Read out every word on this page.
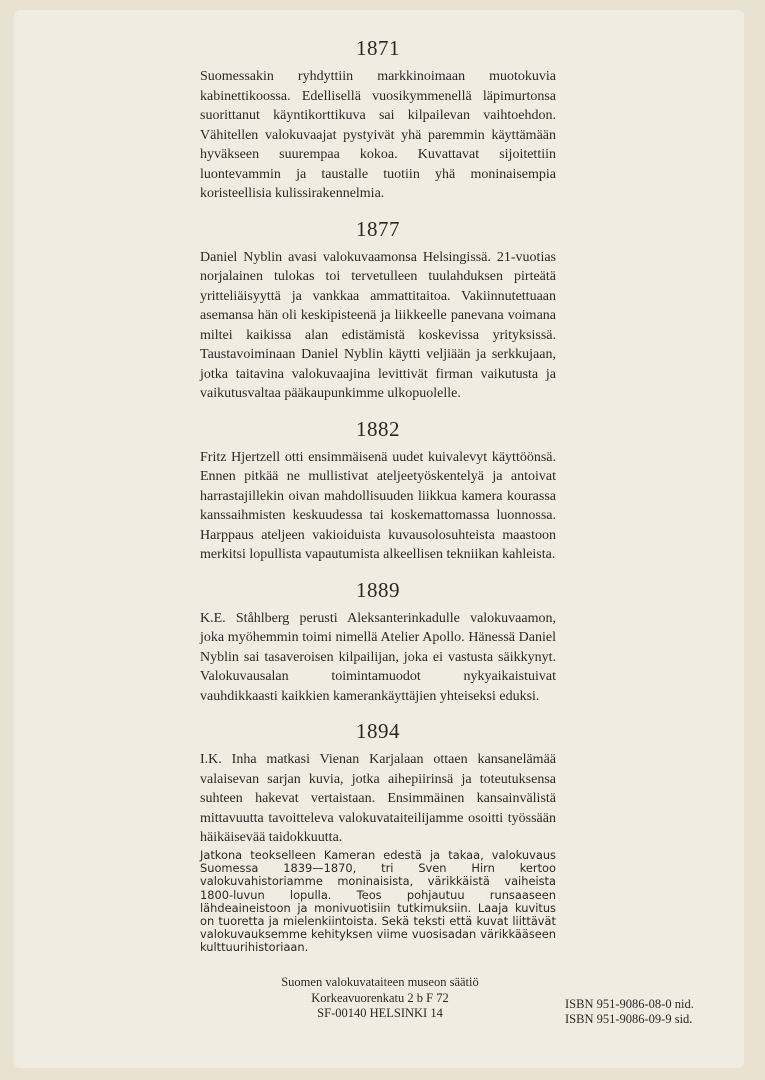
1871

Suomessakin ryhdyttiin markkinoimaan muotokuvia kabinettikoossa. Edellisellä vuosikymmenellä läpimurtonsa suorittanut käyntikorttikuva sai kilpailevan vaihtoehdon. Vähitellen valokuvaajat pystyivät yhä paremmin käyttämään hyväkseen suurempaa kokoa. Kuvattavat sijoitettiin luontevammin ja taustalle tuotiin yhä moninaisempia koristeellisia kulissirakennelmia.

1877

Daniel Nyblin avasi valokuvaamonsa Helsingissä. 21-vuotias norjalainen tulokas toi tervetulleen tuulahduksen pirteätä yritteliäisyyttä ja vankkaa ammattitaitoa. Vakiinnutettuaan asemansa hän oli keskipisteenä ja liikkeelle panevana voimana miltei kaikissa alan edistämistä koskevissa yrityksissä. Taustavoiminaan Daniel Nyblin käytti veljiään ja serkkujaan, jotka taitavina valokuvaajina levittivät firman vaikutusta ja vaikutusvaltaa pääkaupunkimme ulkopuolelle.

1882

Fritz Hjertzell otti ensimmäisenä uudet kuivalevyt käyttöönsä. Ennen pitkää ne mullistivat ateljeetyöskentelyä ja antoivat harrastajillekin oivan mahdollisuuden liikkua kamera kourassa kanssaihmisten keskuudessa tai koskemattomassa luonnossa. Harppaus ateljeen vakioiduista kuvausolosuhteista maastoon merkitsi lopullista vapautumista alkeellisen tekniikan kahleista.

1889

K.E. Ståhlberg perusti Aleksanterinkadulle valokuvaamon, joka myöhemmin toimi nimellä Atelier Apollo. Hänessä Daniel Nyblin sai tasaveroisen kilpailijan, joka ei vastusta säikkynyt. Valokuvausalan toimintamuodot nykyaikaistuivat vauhdikkaasti kaikkien kamerankäyttäjien yhteiseksi eduksi.

1894

I.K. Inha matkasi Vienan Karjalaan ottaen kansanelämää valaisevan sarjan kuvia, jotka aihepiirinsä ja toteutuksensa suhteen hakevat vertaistaan. Ensimmäinen kansainvälistä mittavuutta tavoitteleva valokuvataiteilijamme osoitti työssään häikäisevää taidokkuutta.

Jatkona teokselleen Kameran edestä ja takaa, valokuvaus Suomessa 1839—1870, tri Sven Hirn kertoo valokuvahistoriamme moninaisista, värikkäistä vaiheista 1800-luvun lopulla. Teos pohjautuu runsaaseen lähdeaineistoon ja monivuotisiin tutkimuksiin. Laaja kuvitus on tuoretta ja mielenkiintoista. Sekä teksti että kuvat liittävät valokuvauksemme kehityksen viime vuosisadan värikkääseen kulttuurihistoriaan.

Suomen valokuvataiteen museon säätiö
Korkeavuorenkatu 2 b F 72
SF-00140 HELSINKI 14
ISBN 951-9086-08-0 nid.
ISBN 951-9086-09-9 sid.
